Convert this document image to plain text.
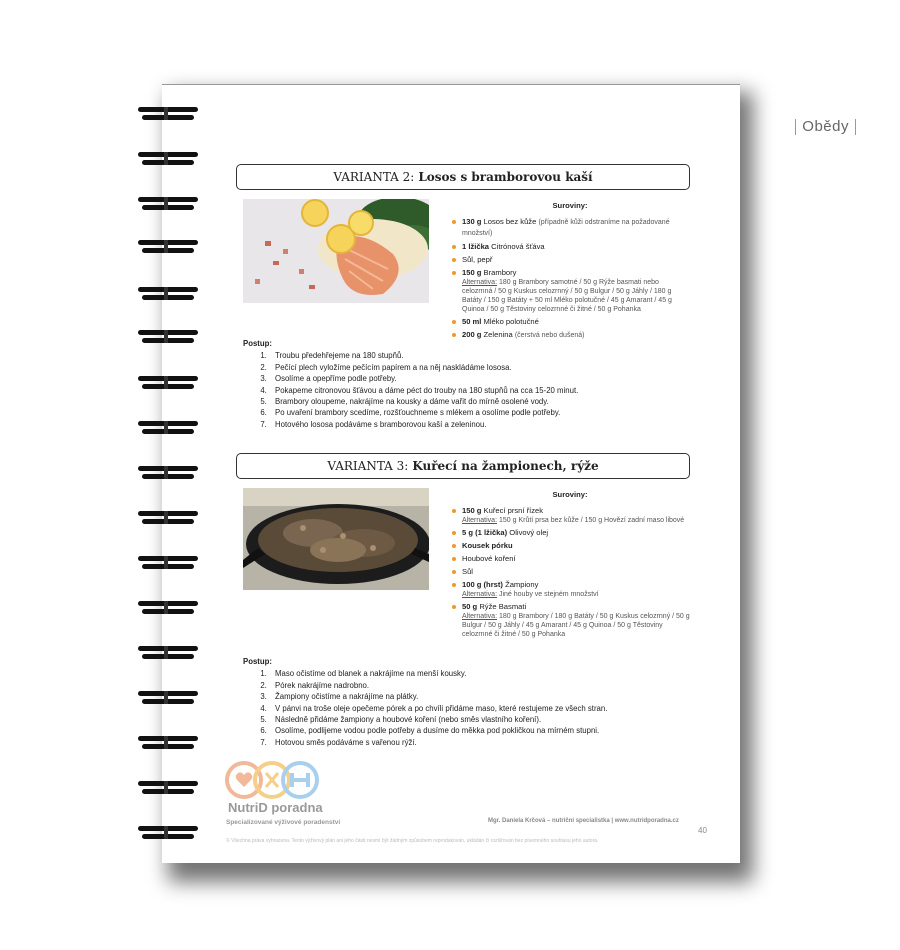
Obědy
VARIANTA 2: Losos s bramborovou kaší
Suroviny:
130 g Losos bez kůže (případně kůži odstraníme na požadované množství)
1 lžička Citrónová šťáva
Sůl, pepř
150 g Brambory
Alternativa: 180 g Brambory samotné / 50 g Rýže basmati nebo celozrnná / 50 g Kuskus celozrnný / 50 g Bulgur / 50 g Jáhly / 180 g Batáty / 150 g Batáty + 50 ml Mléko polotučné / 45 g Amarant / 45 g Quinoa / 50 g Těstoviny celozrnné či žitné / 50 g Pohanka
50 ml Mléko polotučné
200 g Zelenina (čerstvá nebo dušená)
Postup:
1. Troubu předehřejeme na 180 stupňů.
2. Pečící plech vyložíme pečícím papírem a na něj naskládáme lososa.
3. Osolíme a opepříme podle potřeby.
4. Pokapeme citronovou šťávou a dáme péct do trouby na 180 stupňů na cca 15-20 minut.
5. Brambory oloupeme, nakrájíme na kousky a dáme vařit do mírně osolené vody.
6. Po uvaření brambory scedíme, rozšťouchneme s mlékem a osolíme podle potřeby.
7. Hotového lososa podáváme s bramborovou kaší a zeleninou.
VARIANTA 3: Kuřecí na žampionech, rýže
Suroviny:
150 g Kuřecí prsní řízek
Alternativa: 150 g Krůtí prsa bez kůže / 150 g Hovězí zadní maso libové
5 g (1 lžička) Olivový olej
Kousek pórku
Houbové koření
Sůl
100 g (hrst) Žampiony
Alternativa: Jiné houby ve stejném množství
50 g Rýže Basmati
Alternativa: 180 g Brambory / 180 g Batáty / 50 g Kuskus celozrnný / 50 g Bulgur / 50 g Jáhly / 45 g Amarant / 45 g Quinoa / 50 g Těstoviny celozrnné či žitné / 50 g Pohanka
Postup:
1. Maso očistíme od blanek a nakrájíme na menší kousky.
2. Pórek nakrájíme nadrobno.
3. Žampiony očistíme a nakrájíme na plátky.
4. V pánvi na troše oleje opečeme pórek a po chvíli přidáme maso, které restujeme ze všech stran.
5. Následně přidáme žampiony a houbové koření (nebo směs vlastního koření).
6. Osolíme, podlijeme vodou podle potřeby a dusíme do měkka pod pokličkou na mírném stupni.
7. Hotovou směs podáváme s vařenou rýží.
NutriD poradna
Specializované výživové poradenství	Mgr. Daniela Krčová – nutriční specialistka | www.nutridporadna.cz
40
© Všechna práva vyhrazena. Tento výživový plán ani jeho části nesmí být žádným způsobem reprodukován, ukládán či rozšiřován bez písemného souhlasu jeho autora.
